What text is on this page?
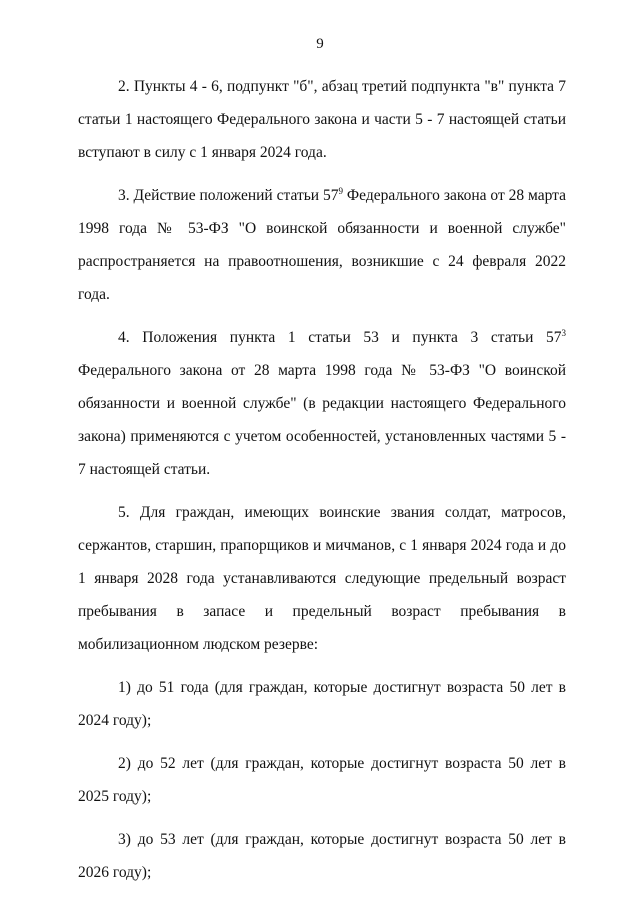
9

2. Пункты 4 - 6, подпункт "б", абзац третий подпункта "в" пункта 7 статьи 1 настоящего Федерального закона и части 5 - 7 настоящей статьи вступают в силу с 1 января 2024 года.

3. Действие положений статьи $57^9$ Федерального закона от 28 марта 1998 года № 53-ФЗ "О воинской обязанности и военной службе" распространяется на правоотношения, возникшие с 24 февраля 2022 года.

4. Положения пункта 1 статьи 53 и пункта 3 статьи $57^3$ Федерального закона от 28 марта 1998 года № 53-ФЗ "О воинской обязанности и военной службе" (в редакции настоящего Федерального закона) применяются с учетом особенностей, установленных частями 5 - 7 настоящей статьи.

5. Для граждан, имеющих воинские звания солдат, матросов, сержантов, старшин, прапорщиков и мичманов, с 1 января 2024 года и до 1 января 2028 года устанавливаются следующие предельный возраст пребывания в запасе и предельный возраст пребывания в мобилизационном людском резерве:

1) до 51 года (для граждан, которые достигнут возраста 50 лет в 2024 году);

2) до 52 лет (для граждан, которые достигнут возраста 50 лет в 2025 году);

3) до 53 лет (для граждан, которые достигнут возраста 50 лет в 2026 году);
